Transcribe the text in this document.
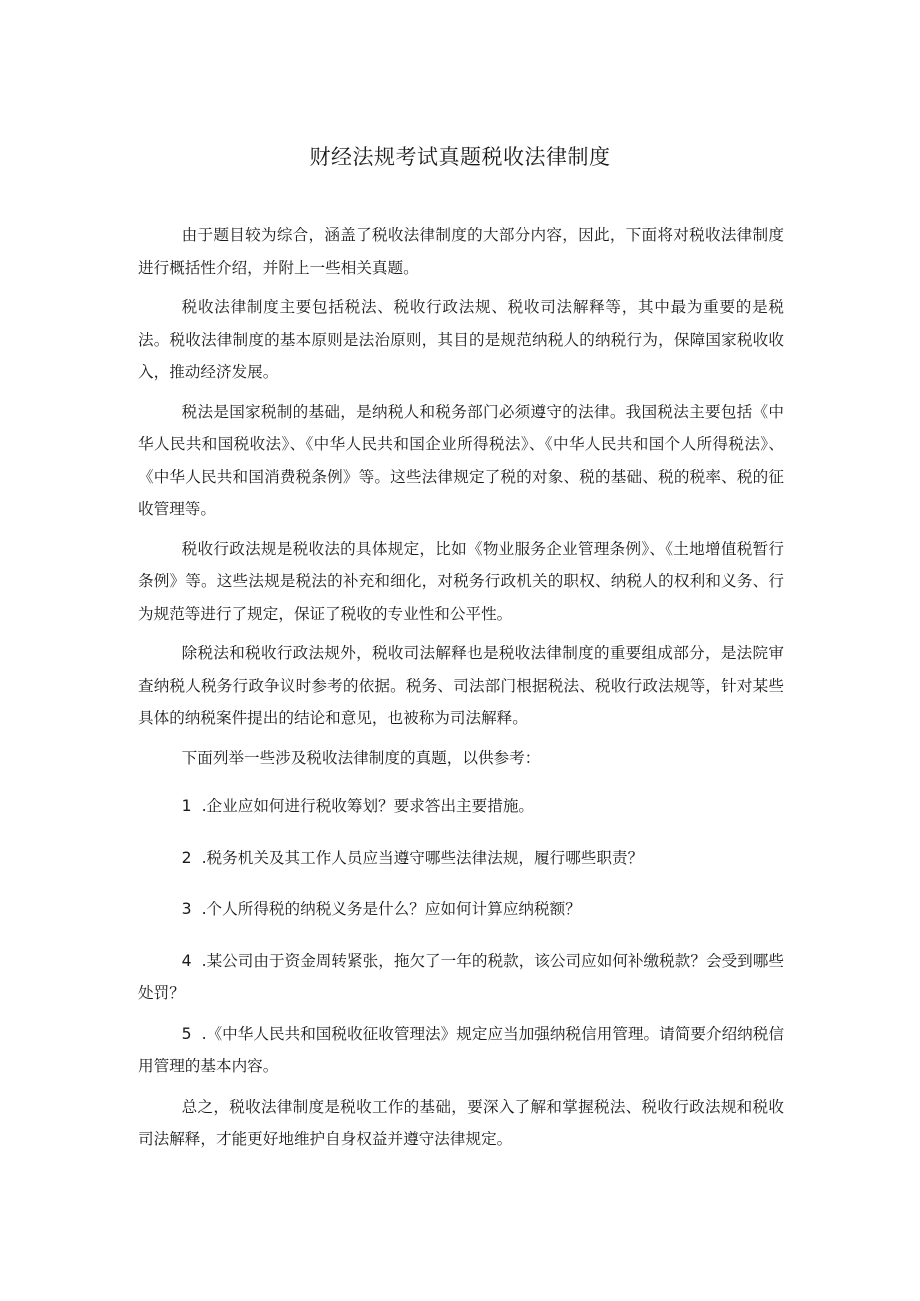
财经法规考试真题税收法律制度

由于题目较为综合，涵盖了税收法律制度的大部分内容，因此，下面将对税收法律制度进行概括性介绍，并附上一些相关真题。

税收法律制度主要包括税法、税收行政法规、税收司法解释等，其中最为重要的是税法。税收法律制度的基本原则是法治原则，其目的是规范纳税人的纳税行为，保障国家税收收入，推动经济发展。

税法是国家税制的基础，是纳税人和税务部门必须遵守的法律。我国税法主要包括《中华人民共和国税收法》、《中华人民共和国企业所得税法》、《中华人民共和国个人所得税法》、《中华人民共和国消费税条例》等。这些法律规定了税的对象、税的基础、税的税率、税的征收管理等。

税收行政法规是税收法的具体规定，比如《物业服务企业管理条例》、《土地增值税暂行条例》等。这些法规是税法的补充和细化，对税务行政机关的职权、纳税人的权利和义务、行为规范等进行了规定，保证了税收的专业性和公平性。

除税法和税收行政法规外，税收司法解释也是税收法律制度的重要组成部分，是法院审查纳税人税务行政争议时参考的依据。税务、司法部门根据税法、税收行政法规等，针对某些具体的纳税案件提出的结论和意见，也被称为司法解释。

下面列举一些涉及税收法律制度的真题，以供参考：

1 .企业应如何进行税收筹划？要求答出主要措施。
2 .税务机关及其工作人员应当遵守哪些法律法规，履行哪些职责？
3 .个人所得税的纳税义务是什么？应如何计算应纳税额？
4 .某公司由于资金周转紧张，拖欠了一年的税款，该公司应如何补缴税款？会受到哪些处罚？
5 .《中华人民共和国税收征收管理法》规定应当加强纳税信用管理。请简要介绍纳税信用管理的基本内容。

总之，税收法律制度是税收工作的基础，要深入了解和掌握税法、税收行政法规和税收司法解释，才能更好地维护自身权益并遵守法律规定。
